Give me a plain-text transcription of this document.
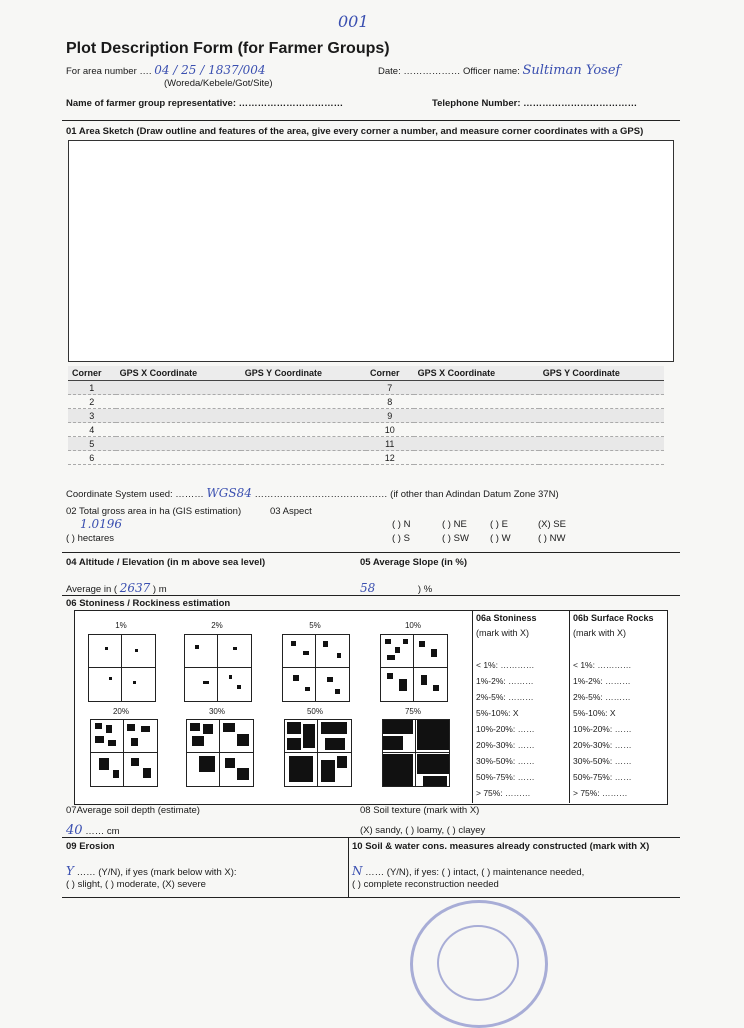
001
Plot Description Form (for Farmer Groups)
For area number …. 04 / 25 / 1837/004
(Woreda/Kebele/Got/Site)
Date: ……………… Officer name: Sultiman Yosef
Name of farmer group representative: ……………………………	Telephone Number: ………………………………
01 Area Sketch (Draw outline and features of the area, give every corner a number, and measure corner coordinates with a GPS)
Corner	GPS X Coordinate	GPS Y Coordinate	Corner	GPS X Coordinate	GPS Y Coordinate
1			7		
2			8		
3			9		
4			10		
5			11		
6			12		
Coordinate System used: ……… WGS84 …………………………………… (if other than Adindan Datum Zone 37N)
02 Total gross area in ha (GIS estimation)	03 Aspect
1.0196
( ) hectares
( ) N	( ) NE ( ) E	(X) SE
( ) S	( ) SW ( ) W	( ) NW
04 Altitude / Elevation (in m above sea level)	05 Average Slope (in %)
Average in ( 2637 ) m	58	) %
06 Stoniness / Rockiness estimation
1%	2%	5%	10%
20%	30%	50%	75%
06a Stoniness
(mark with X)
06b Surface Rocks
(mark with X)
< 1%: …………
1%-2%: ………
2%-5%: ………
5%-10%: X
10%-20%: ……
20%-30%: ……
30%-50%: ……
50%-75%: ……
> 75%: ………
< 1%: …………
1%-2%: ………
2%-5%: ………
5%-10%: X
10%-20%: ……
20%-30%: ……
30%-50%: ……
50%-75%: ……
> 75%: ………
07Average soil depth (estimate)	08 Soil texture (mark with X)
40 …… cm	(X) sandy, ( ) loamy, ( ) clayey
09 Erosion	10 Soil & water cons. measures already constructed (mark with X)
Y …… (Y/N), if yes (mark below with X):
( ) slight, ( ) moderate, (X) severe
N …… (Y/N), if yes: ( ) intact, ( ) maintenance needed,
( ) complete reconstruction needed
